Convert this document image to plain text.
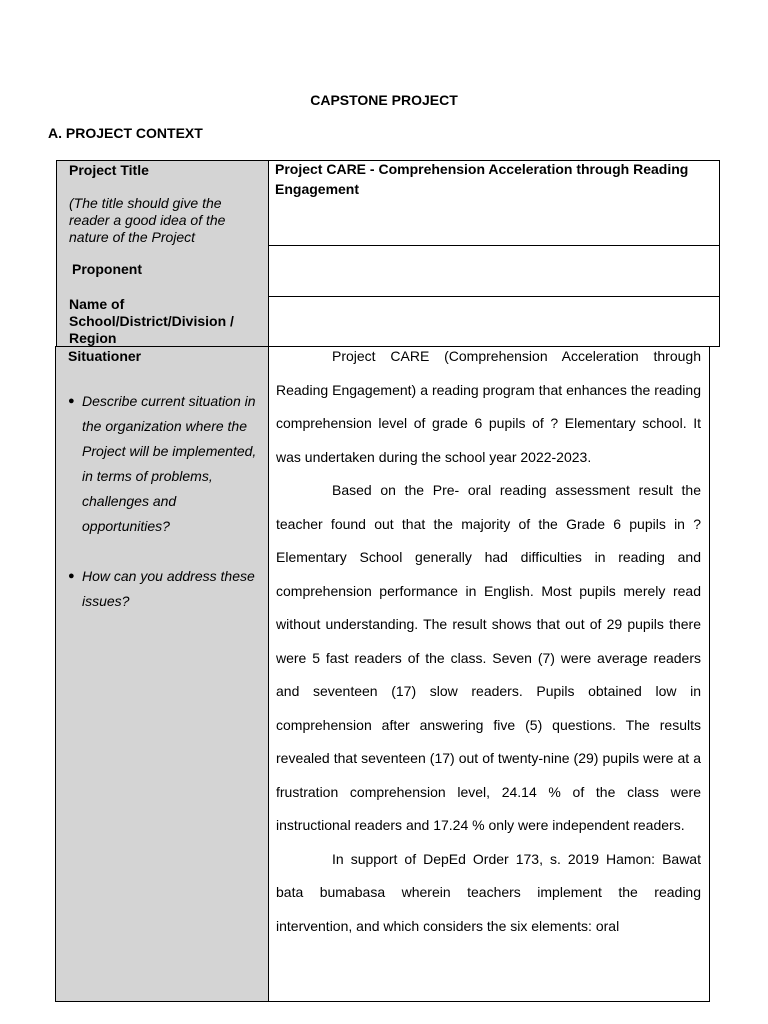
CAPSTONE PROJECT
A. PROJECT CONTEXT
Project Title
(The title should give the reader a good idea of the nature of the Project
Project CARE - Comprehension Acceleration through Reading Engagement
Proponent
Name of School/District/Division / Region
Situationer
● Describe current situation in the organization where the Project will be implemented, in terms of problems, challenges and opportunities?
● How can you address these issues?

Project CARE (Comprehension Acceleration through Reading Engagement) a reading program that enhances the reading comprehension level of grade 6 pupils of ? Elementary school. It was undertaken during the school year 2022-2023.

Based on the Pre- oral reading assessment result the teacher found out that the majority of the Grade 6 pupils in ? Elementary School generally had difficulties in reading and comprehension performance in English. Most pupils merely read without understanding. The result shows that out of 29 pupils there were 5 fast readers of the class. Seven (7) were average readers and seventeen (17) slow readers. Pupils obtained low in comprehension after answering five (5) questions. The results revealed that seventeen (17) out of twenty-nine (29) pupils were at a frustration comprehension level, 24.14 % of the class were instructional readers and 17.24 % only were independent readers.

In support of DepEd Order 173, s. 2019 Hamon: Bawat bata bumabasa wherein teachers implement the reading intervention, and which considers the six elements: oral
